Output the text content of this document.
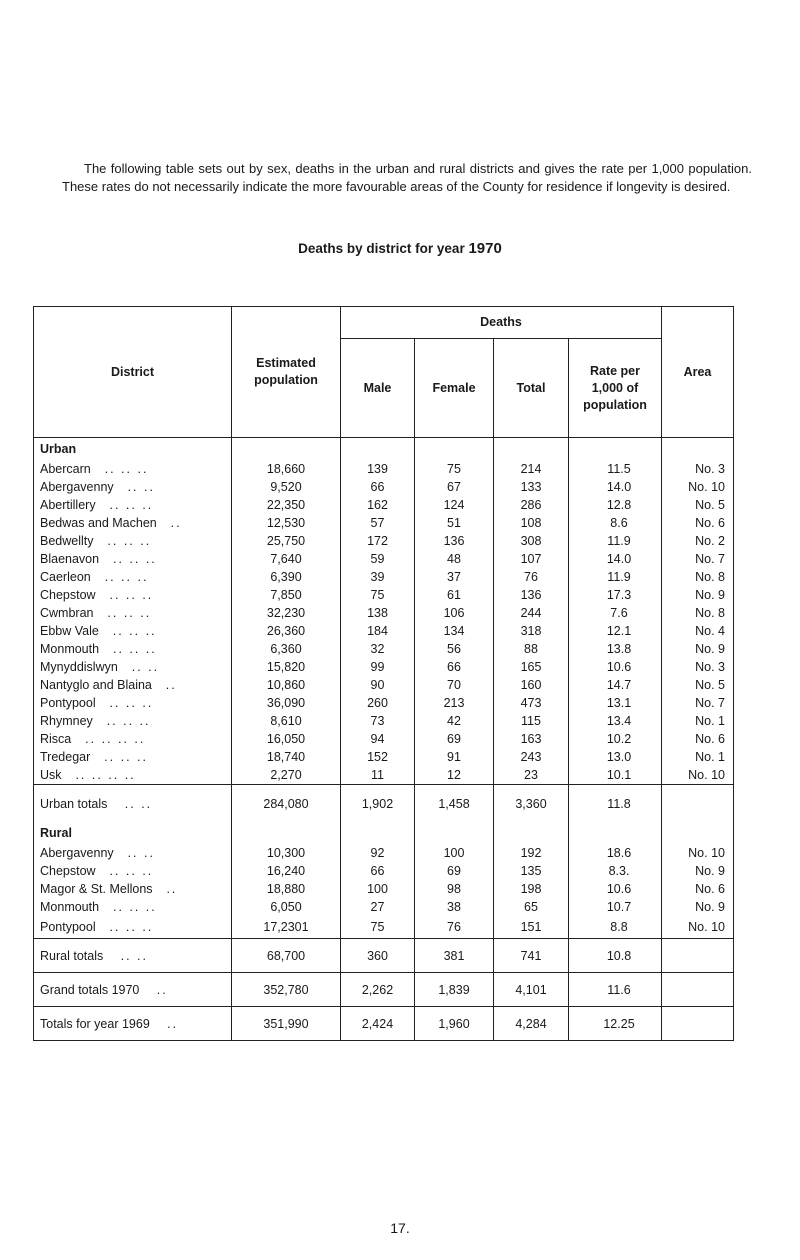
The following table sets out by sex, deaths in the urban and rural districts and gives the rate per 1,000 population. These rates do not necessarily indicate the more favourable areas of the County for residence if longevity is desired.

Deaths by district for year 1970
District	Estimated population	Deaths				Area
		Male	Female	Total	Rate per 1,000 of population	
Urban						
Abercarn .. .. ..	18,660	139	75	214	11.5	No. 3
Abergavenny .. ..	9,520	66	67	133	14.0	No. 10
Abertillery .. .. ..	22,350	162	124	286	12.8	No. 5
Bedwas and Machen ..	12,530	57	51	108	8.6	No. 6
Bedwellty .. .. ..	25,750	172	136	308	11.9	No. 2
Blaenavon .. .. ..	7,640	59	48	107	14.0	No. 7
Caerleon .. .. ..	6,390	39	37	76	11.9	No. 8
Chepstow .. .. ..	7,850	75	61	136	17.3	No. 9
Cwmbran .. .. ..	32,230	138	106	244	7.6	No. 8
Ebbw Vale .. .. ..	26,360	184	134	318	12.1	No. 4
Monmouth .. .. ..	6,360	32	56	88	13.8	No. 9
Mynyddislwyn .. ..	15,820	99	66	165	10.6	No. 3
Nantyglo and Blaina ..	10,860	90	70	160	14.7	No. 5
Pontypool .. .. ..	36,090	260	213	473	13.1	No. 7
Rhymney .. .. ..	8,610	73	42	115	13.4	No. 1
Risca .. .. .. ..	16,050	94	69	163	10.2	No. 6
Tredegar .. .. ..	18,740	152	91	243	13.0	No. 1
Usk .. .. .. ..	2,270	11	12	23	10.1	No. 10
Urban totals .. ..	284,080	1,902	1,458	3,360	11.8	
Rural						
Abergavenny .. ..	10,300	92	100	192	18.6	No. 10
Chepstow .. .. ..	16,240	66	69	135	8.3.	No. 9
Magor & St. Mellons ..	18,880	100	98	198	10.6	No. 6
Monmouth .. .. ..	6,050	27	38	65	10.7	No. 9
Pontypool .. .. ..	17,2301	75	76	151	8.8	No. 10
Rural totals .. ..	68,700	360	381	741	10.8	
Grand totals 1970 ..	352,780	2,262	1,839	4,101	11.6	
Totals for year 1969 ..	351,990	2,424	1,960	4,284	12.25	
17.
